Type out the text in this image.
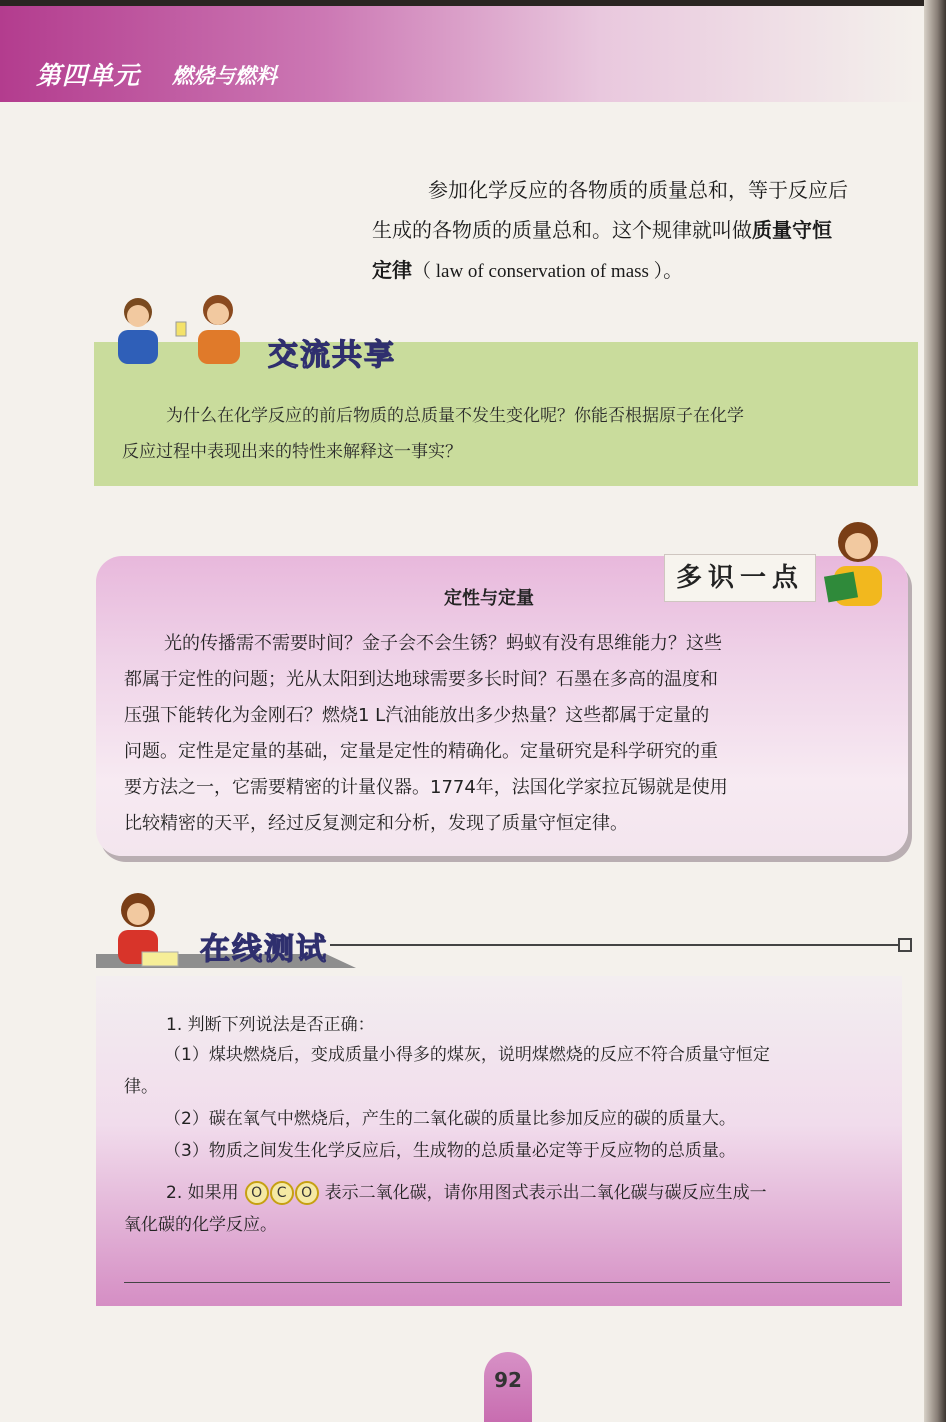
第四单元 燃烧与燃料
参加化学反应的各物质的质量总和，等于反应后
生成的各物质的质量总和。这个规律就叫做质量守恒
定律（ law of conservation of mass ）。
交流共享
为什么在化学反应的前后物质的总质量不发生变化呢？你能否根据原子在化学
反应过程中表现出来的特性来解释这一事实？
多识一点
定性与定量
光的传播需不需要时间？金子会不会生锈？蚂蚁有没有思维能力？这些
都属于定性的问题；光从太阳到达地球需要多长时间？石墨在多高的温度和
压强下能转化为金刚石？燃烧1 L汽油能放出多少热量？这些都属于定量的
问题。定性是定量的基础，定量是定性的精确化。定量研究是科学研究的重
要方法之一，它需要精密的计量仪器。1774年，法国化学家拉瓦锡就是使用
比较精密的天平，经过反复测定和分析，发现了质量守恒定律。
在线测试
1. 判断下列说法是否正确：
（1）煤块燃烧后，变成质量小得多的煤灰，说明煤燃烧的反应不符合质量守恒定
律。
（2）碳在氧气中燃烧后，产生的二氧化碳的质量比参加反应的碳的质量大。
（3）物质之间发生化学反应后，生成物的总质量必定等于反应物的总质量。
2. 如果用 O	C	O 表示二氧化碳，请你用图式表示出二氧化碳与碳反应生成一
氧化碳的化学反应。
92
